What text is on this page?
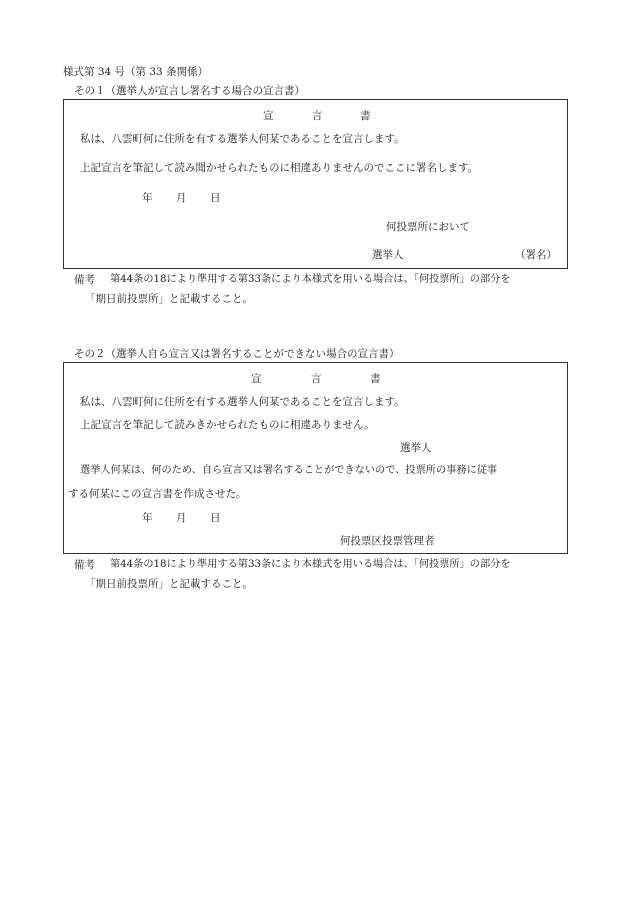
様式第 34 号（第 33 条関係）
その１（選挙人が宣言し署名する場合の宣言書）
宣	言	書
私は、八雲町何に住所を有する選挙人何某であることを宣言します。
上記宣言を筆記して読み聞かせられたものに相違ありませんのでここに署名します。
年 月 日
何投票所において
選挙人	（署名）
備考 第44条の18により準用する第33条により本様式を用いる場合は、「何投票所」の部分を
「期日前投票所」と記載すること。
その２（選挙人自ら宣言又は署名することができない場合の宣言書）
宣	言	書
私は、八雲町何に住所を有する選挙人何某であることを宣言します。
上記宣言を筆記して読みきかせられたものに相違ありません。
選挙人
選挙人何某は、何のため、自ら宣言又は署名することができないので、投票所の事務に従事
する何某にこの宣言書を作成させた。
年 月 日
何投票区投票管理者
備考 第44条の18により準用する第33条により本様式を用いる場合は、「何投票所」の部分を
「期日前投票所」と記載すること。
